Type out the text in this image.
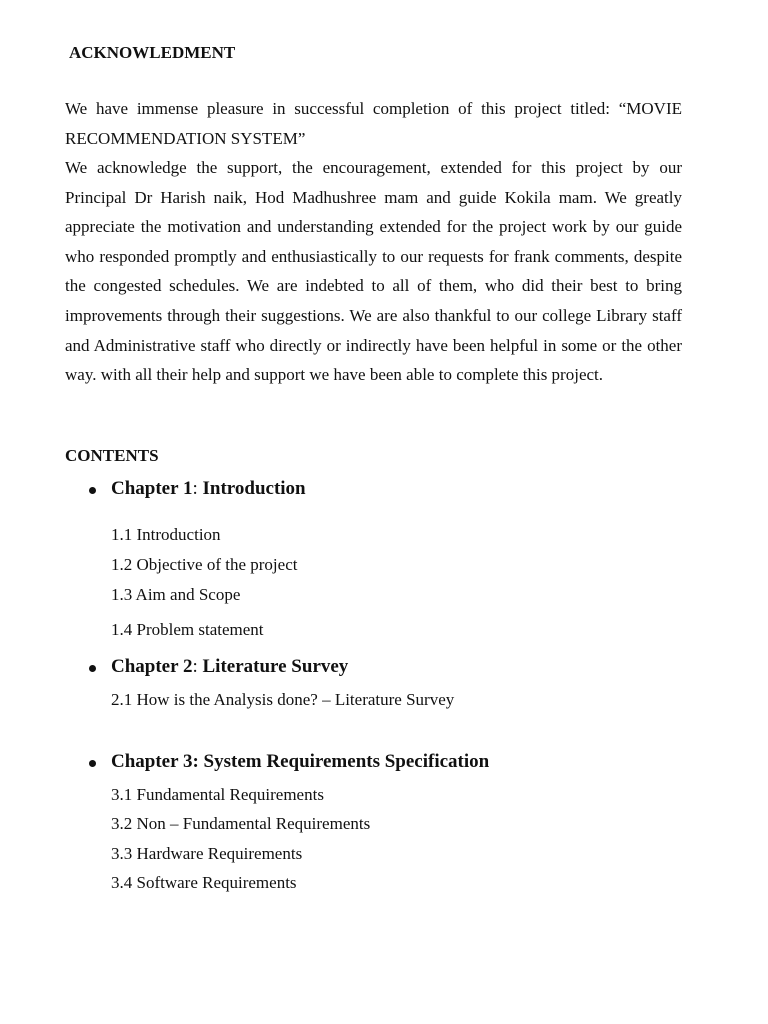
ACKNOWLEDMENT

We have immense pleasure in successful completion of this project titled: “MOVIE RECOMMENDATION SYSTEM”

We acknowledge the support, the encouragement, extended for this project by our Principal Dr Harish naik, Hod Madhushree mam and guide Kokila mam. We greatly appreciate the motivation and understanding extended for the project work by our guide who responded promptly and enthusiastically to our requests for frank comments, despite the congested schedules. We are indebted to all of them, who did their best to bring improvements through their suggestions. We are also thankful to our college Library staff and Administrative staff who directly or indirectly have been helpful in some or the other way. with all their help and support we have been able to complete this project.

CONTENTS
Chapter 1: Introduction
1.1 Introduction
1.2 Objective of the project
1.3 Aim and Scope
1.4 Problem statement
Chapter 2: Literature Survey
2.1 How is the Analysis done? – Literature Survey
Chapter 3: System Requirements Specification
3.1 Fundamental Requirements
3.2 Non – Fundamental Requirements
3.3 Hardware Requirements
3.4 Software Requirements
